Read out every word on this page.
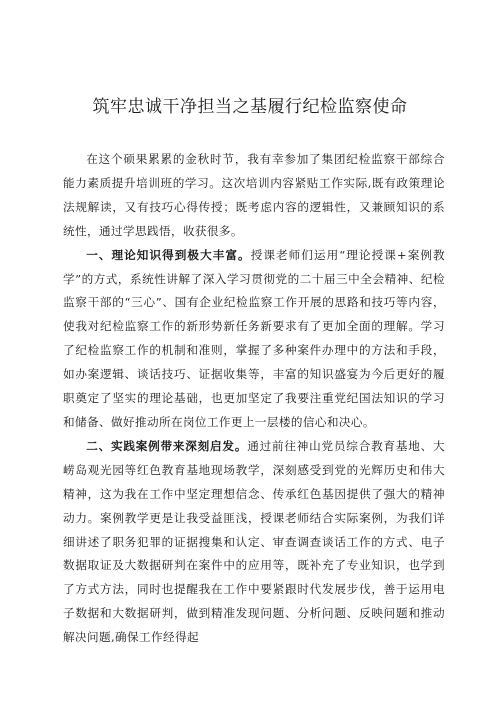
筑牢忠诚干净担当之基履行纪检监察使命

在这个硕果累累的金秋时节，我有幸参加了集团纪检监察干部综合能力素质提升培训班的学习。这次培训内容紧贴工作实际,既有政策理论法规解读，又有技巧心得传授；既考虑内容的逻辑性，又兼顾知识的系统性，通过学思践悟，收获很多。

一、理论知识得到极大丰富。授课老师们运用“理论授课+案例教学”的方式，系统性讲解了深入学习贯彻党的二十届三中全会精神、纪检监察干部的“三心”、国有企业纪检监察工作开展的思路和技巧等内容，使我对纪检监察工作的新形势新任务新要求有了更加全面的理解。学习了纪检监察工作的机制和准则，掌握了多种案件办理中的方法和手段，如办案逻辑、谈话技巧、证据收集等，丰富的知识盛宴为今后更好的履职奠定了坚实的理论基础，也更加坚定了我要注重党纪国法知识的学习和储备、做好推动所在岗位工作更上一层楼的信心和决心。

二、实践案例带来深刻启发。通过前往神山党员综合教育基地、大崂岛观光园等红色教育基地现场教学，深刻感受到党的光辉历史和伟大精神，这为我在工作中坚定理想信念、传承红色基因提供了强大的精神动力。案例教学更是让我受益匪浅，授课老师结合实际案例，为我们详细讲述了职务犯罪的证据搜集和认定、审查调查谈话工作的方式、电子数据取证及大数据研判在案件中的应用等，既补充了专业知识，也学到了方式方法，同时也提醒我在工作中要紧跟时代发展步伐，善于运用电子数据和大数据研判，做到精准发现问题、分析问题、反映问题和推动解决问题,确保工作经得起
